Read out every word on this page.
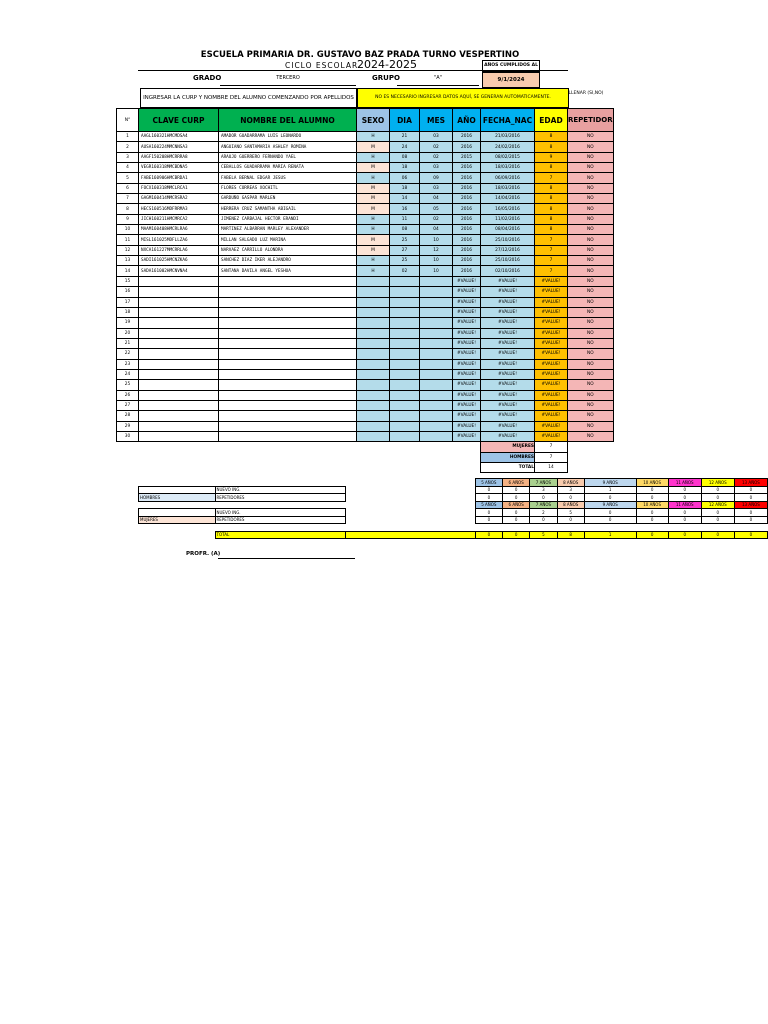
ESCUELA PRIMARIA DR. GUSTAVO BAZ PRADA TURNO VESPERTINO
CICLO ESCOLAR
2024-2025	AÑOS CUMPLIDOS AL
9/1/2024
GRADO	TERCERO	GRUPO	"A"
INGRESAR LA CURP Y NOMBRE DEL ALUMNO COMENZANDO POR APELLIDOS	NO ES NECESARIO INGRESAR DATOS AQUÍ, SE GENERAN AUTOMATICAMENTE.
LLENAR (SI,NO)
N°	CLAVE CURP	NOMBRE DEL ALUMNO	SEXO	DIA	MES	AÑO	FECHA_NAC	EDAD	REPETIDOR
1	AAGL160321HMCMDSA4	AMADOR GUADARRAMA LUIS LEONARDO	H	21	03	2016	21/03/2016	8	NO
2	AUSA160224MMCNNSA3	ANGUIANO SANTAMARIA ASHLEY ROMINA	M	24	02	2016	24/02/2016	8	NO
3	AAGF150208HMCRRRA8	ARAUJO GUERRERO FERNANDO YAEL	H	08	02	2015	08/02/2015	9	NO
4	VEGR160318MMCBDNA5	CEBALLOS GUADARRAMA MARIA RENATA	M	18	03	2016	18/03/2016	8	NO
5	FABE160906HMCBRDA1	FABELA BERNAL EDGAR JESUS	H	06	09	2016	06/09/2016	7	NO
6	FOCX160318MMCLRCA1	FLORES CORREAS XOCHITL	M	18	03	2016	18/03/2016	8	NO
7	GAGM160414MMCRSRA2	GARDUÑO GASPAR MARLEN	M	14	04	2016	14/04/2016	8	NO
8	HECS160516MDFRRMA3	HERRERA CRUZ SAMANTHA ABIGAIL	M	16	05	2016	16/05/2016	8	NO
9	JICH160211HMCMRCA2	JIMENEZ CARBAJAL HECTOR ERANDI	H	11	02	2016	11/02/2016	8	NO
10	MAAM160408HMCRLRA6	MARTINEZ ALBARRAN MARLEY ALEXANDER	H	08	04	2016	08/04/2016	8	NO
11	MISL161025MDFLLZA6	MILLAN SALGADO LUZ MARINA	M	25	10	2016	25/10/2016	7	NO
12	NXCA161227MMCRRLA6	NARVAEZ CARRILLO ALONDRA	M	27	12	2016	27/12/2016	7	NO
13	SADI161025HMCNZKA6	SANCHEZ DIAZ IKER ALEJANDRO	H	25	10	2016	25/10/2016	7	NO
14	SADA161002HMCNVNA4	SANTANA DAVILA ANGEL YESHUA	H	02	10	2016	02/10/2016	7	NO
15						#VALUE!	#VALUE!	#VALUE!	NO
16						#VALUE!	#VALUE!	#VALUE!	NO
17						#VALUE!	#VALUE!	#VALUE!	NO
18						#VALUE!	#VALUE!	#VALUE!	NO
19						#VALUE!	#VALUE!	#VALUE!	NO
20						#VALUE!	#VALUE!	#VALUE!	NO
21						#VALUE!	#VALUE!	#VALUE!	NO
22						#VALUE!	#VALUE!	#VALUE!	NO
23						#VALUE!	#VALUE!	#VALUE!	NO
24						#VALUE!	#VALUE!	#VALUE!	NO
25						#VALUE!	#VALUE!	#VALUE!	NO
26						#VALUE!	#VALUE!	#VALUE!	NO
27						#VALUE!	#VALUE!	#VALUE!	NO
28						#VALUE!	#VALUE!	#VALUE!	NO
29						#VALUE!	#VALUE!	#VALUE!	NO
30						#VALUE!	#VALUE!	#VALUE!	NO
							MUJERES	7	
							HOMBRES	7	
							TOTAL	14	
			5 AÑOS	6 AÑOS	7 AÑOS	8 AÑOS	9 AÑOS	10 AÑOS	11 AÑOS	12 AÑOS	13 AÑOS
	NUEVO ING.		0	0	3	3	1	0	0	0	0
HOMBRES	REPETIDORES		0	0	0	0	0	0	0	0	0
			5 AÑOS	6 AÑOS	7 AÑOS	8 AÑOS	9 AÑOS	10 AÑOS	11 AÑOS	12 AÑOS	13 AÑOS
	NUEVO ING.		0	0	2	5	0	0	0	0	0
MUJERES	REPETIDORES		0	0	0	0	0	0	0	0	0

	TOTAL		0	0	5	8	1	0	0	0	0
PROFR. (A)
